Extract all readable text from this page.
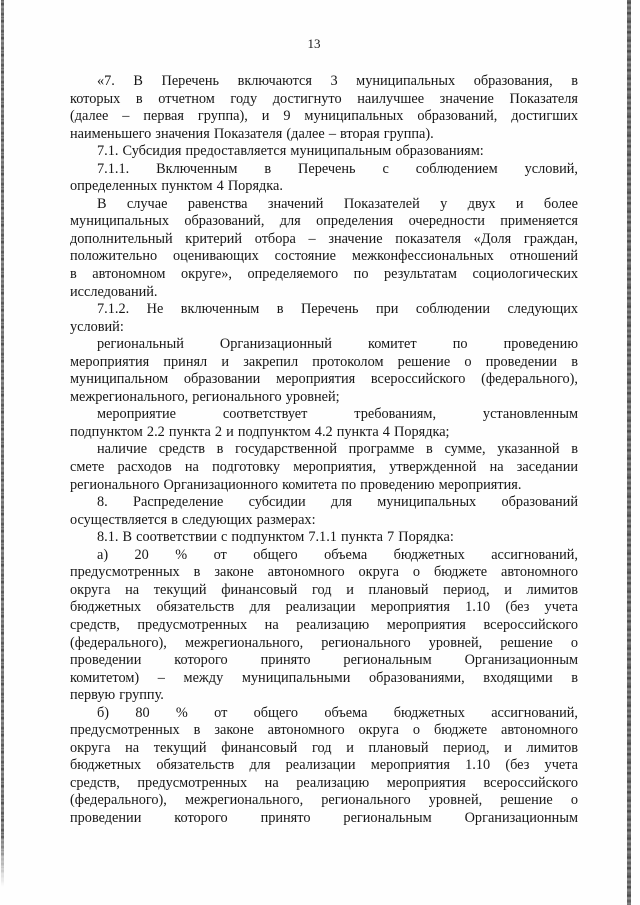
13
«7. В Перечень включаются 3 муниципальных образования, в
которых в отчетном году достигнуто наилучшее значение Показателя
(далее – первая группа), и 9 муниципальных образований, достигших
наименьшего значения Показателя (далее – вторая группа).
7.1. Субсидия предоставляется муниципальным образованиям:
7.1.1. Включенным в Перечень с соблюдением условий,
определенных пунктом 4 Порядка.
В случае равенства значений Показателей у двух и более
муниципальных образований, для определения очередности применяется
дополнительный критерий отбора – значение показателя «Доля граждан,
положительно оценивающих состояние межконфессиональных отношений
в автономном округе», определяемого по результатам социологических
исследований.
7.1.2. Не включенным в Перечень при соблюдении следующих
условий:
региональный Организационный комитет по проведению
мероприятия принял и закрепил протоколом решение о проведении в
муниципальном образовании мероприятия всероссийского (федерального),
межрегионального, регионального уровней;
мероприятие соответствует требованиям, установленным
подпунктом 2.2 пункта 2 и подпунктом 4.2 пункта 4 Порядка;
наличие средств в государственной программе в сумме, указанной в
смете расходов на подготовку мероприятия, утвержденной на заседании
регионального Организационного комитета по проведению мероприятия.
8. Распределение субсидии для муниципальных образований
осуществляется в следующих размерах:
8.1. В соответствии с подпунктом 7.1.1 пункта 7 Порядка:
а) 20 % от общего объема бюджетных ассигнований,
предусмотренных в законе автономного округа о бюджете автономного
округа на текущий финансовый год и плановый период, и лимитов
бюджетных обязательств для реализации мероприятия 1.10 (без учета
средств, предусмотренных на реализацию мероприятия всероссийского
(федерального), межрегионального, регионального уровней, решение о
проведении которого принято региональным Организационным
комитетом) – между муниципальными образованиями, входящими в
первую группу.
б) 80 % от общего объема бюджетных ассигнований,
предусмотренных в законе автономного округа о бюджете автономного
округа на текущий финансовый год и плановый период, и лимитов
бюджетных обязательств для реализации мероприятия 1.10 (без учета
средств, предусмотренных на реализацию мероприятия всероссийского
(федерального), межрегионального, регионального уровней, решение о
проведении которого принято региональным Организационным
